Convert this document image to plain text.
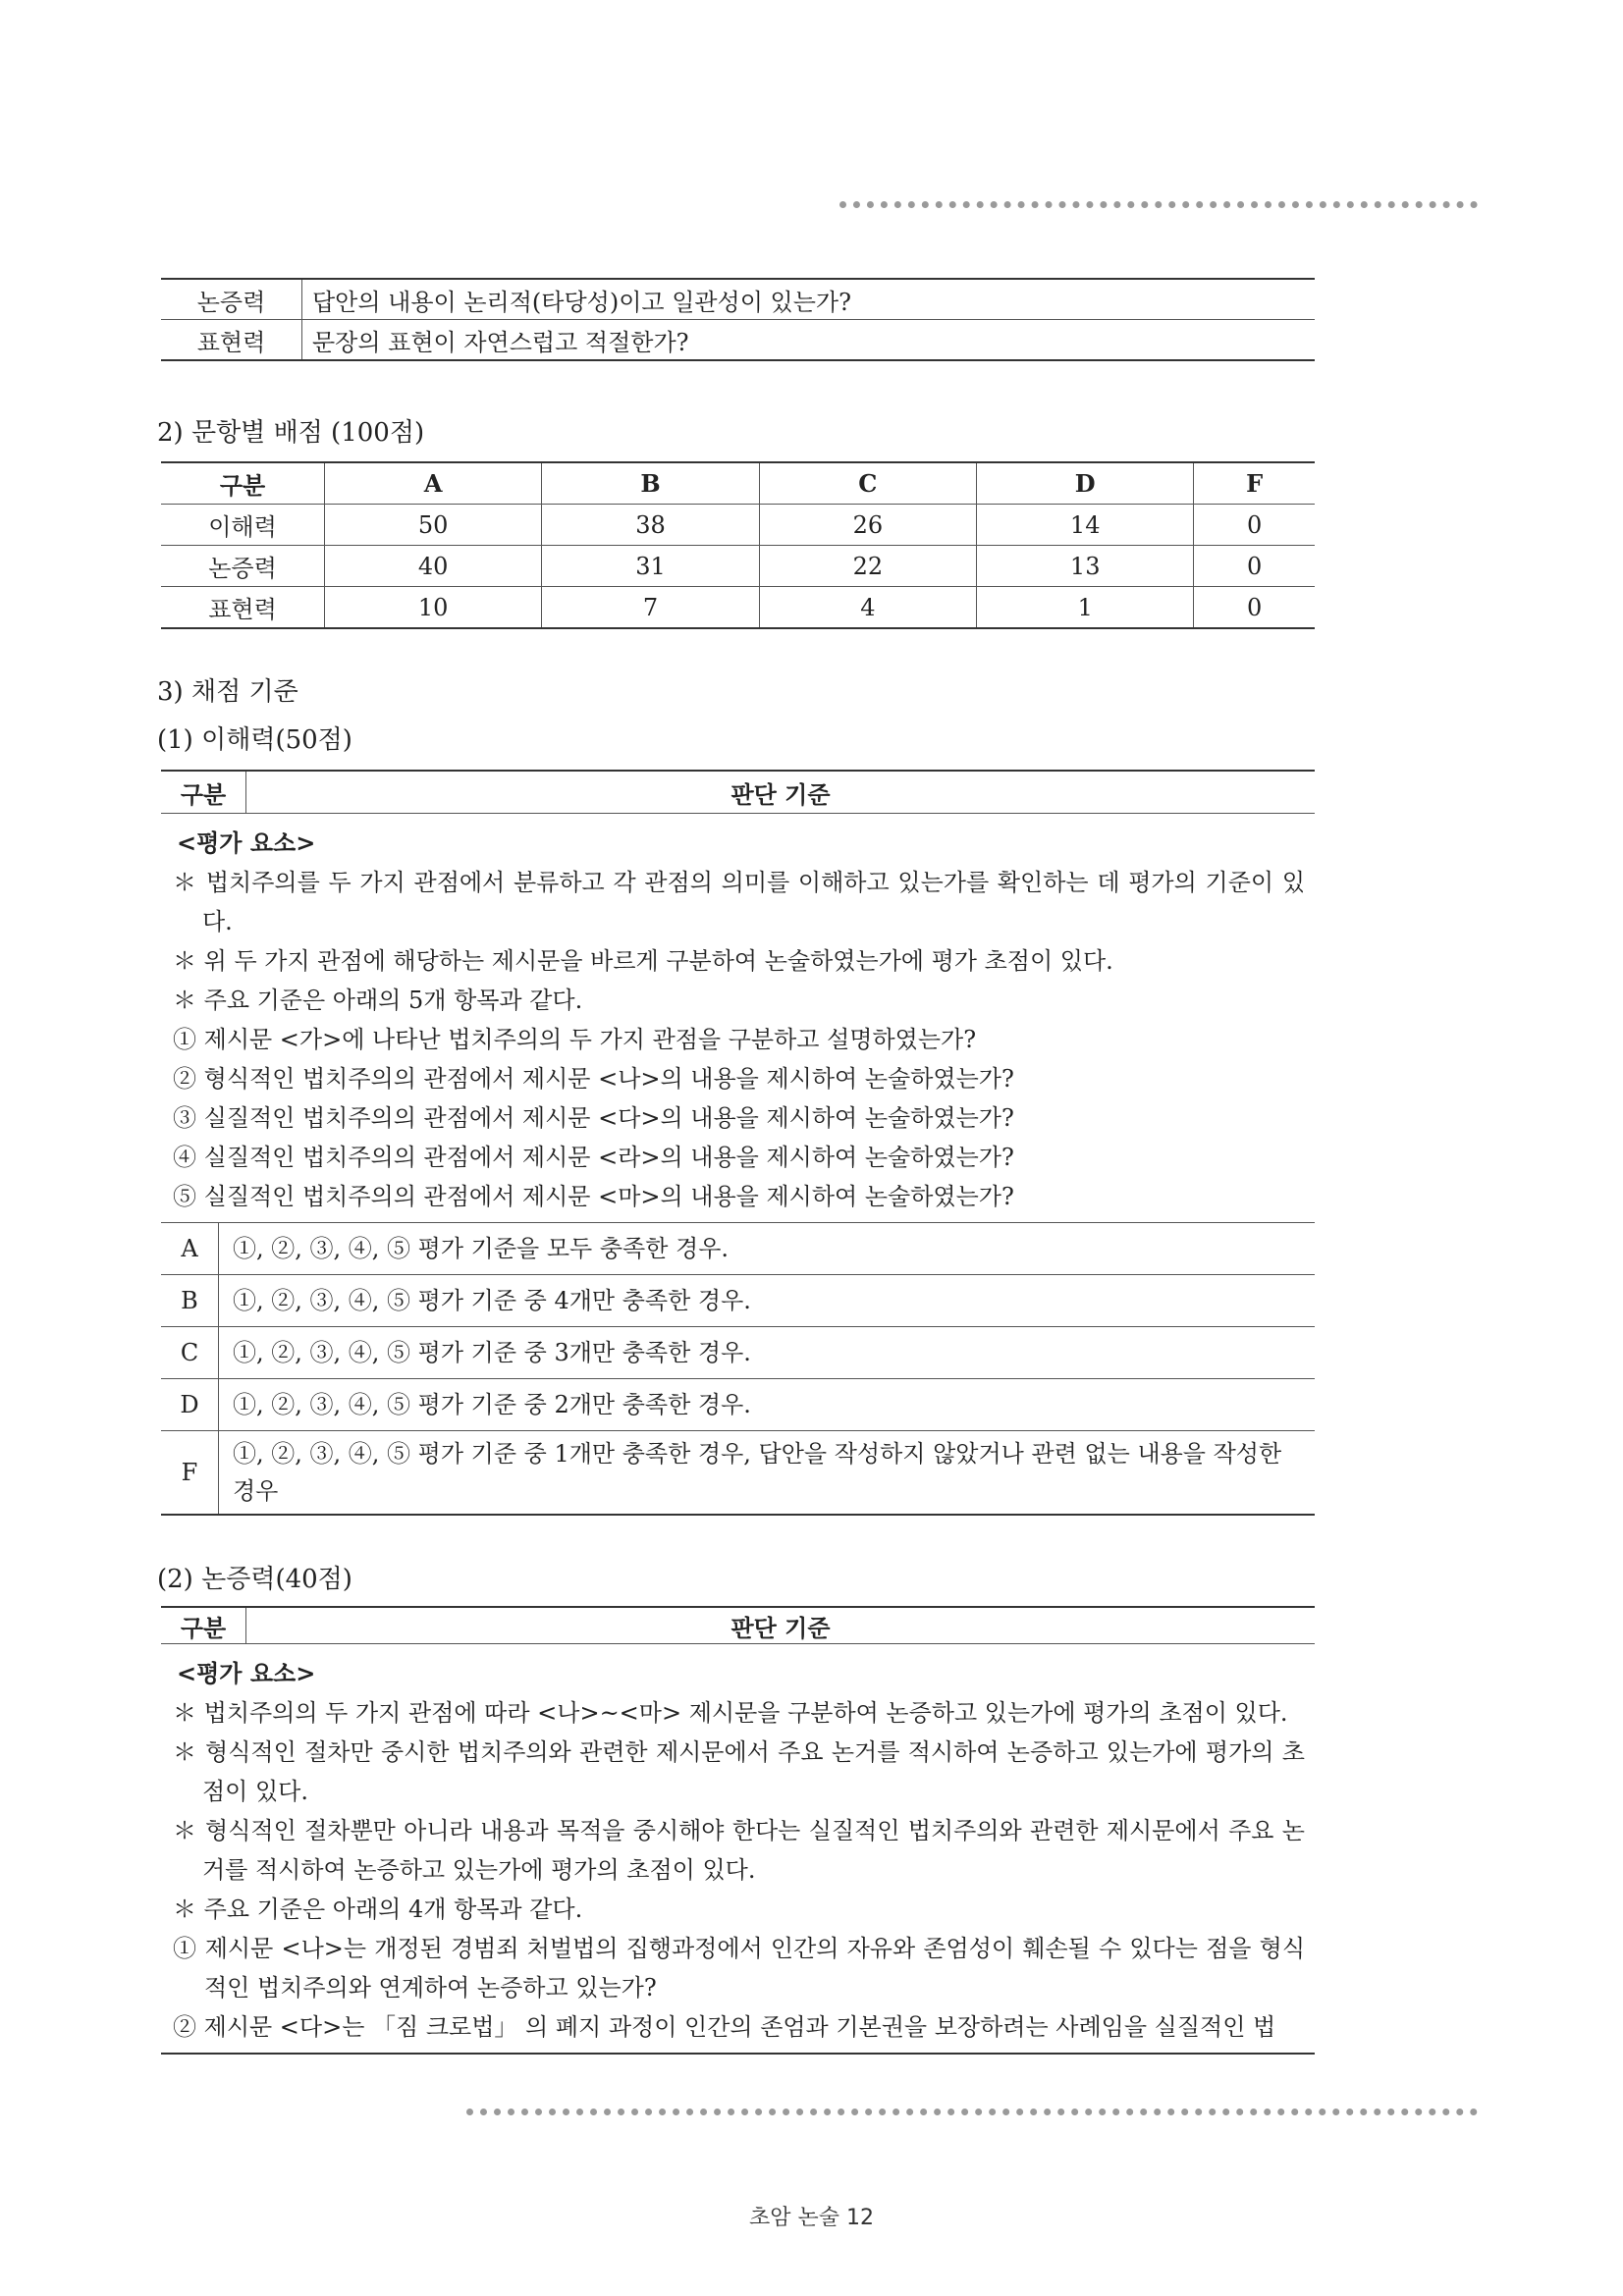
논증력	답안의 내용이 논리적(타당성)이고 일관성이 있는가?
표현력	문장의 표현이 자연스럽고 적절한가?
2) 문항별 배점 (100점)
구분	A	B	C	D	F
이해력	50	38	26	14	0
논증력	40	31	22	13	0
표현력	10	7	4	1	0
3) 채점 기준
(1) 이해력(50점)
구분	판단 기준
<평가 요소>
＊ 법치주의를 두 가지 관점에서 분류하고 각 관점의 의미를 이해하고 있는가를 확인하는 데 평가의 기준이 있다.
＊ 위 두 가지 관점에 해당하는 제시문을 바르게 구분하여 논술하였는가에 평가 초점이 있다.
＊ 주요 기준은 아래의 5개 항목과 같다.
① 제시문 <가>에 나타난 법치주의의 두 가지 관점을 구분하고 설명하였는가?
② 형식적인 법치주의의 관점에서 제시문 <나>의 내용을 제시하여 논술하였는가?
③ 실질적인 법치주의의 관점에서 제시문 <다>의 내용을 제시하여 논술하였는가?
④ 실질적인 법치주의의 관점에서 제시문 <라>의 내용을 제시하여 논술하였는가?
⑤ 실질적인 법치주의의 관점에서 제시문 <마>의 내용을 제시하여 논술하였는가?
A	①, ②, ③, ④, ⑤ 평가 기준을 모두 충족한 경우.
B	①, ②, ③, ④, ⑤ 평가 기준 중 4개만 충족한 경우.
C	①, ②, ③, ④, ⑤ 평가 기준 중 3개만 충족한 경우.
D	①, ②, ③, ④, ⑤ 평가 기준 중 2개만 충족한 경우.
F	①, ②, ③, ④, ⑤ 평가 기준 중 1개만 충족한 경우, 답안을 작성하지 않았거나 관련 없는 내용을 작성한 경우
(2) 논증력(40점)
구분	판단 기준
<평가 요소>
＊ 법치주의의 두 가지 관점에 따라 <나>~<마> 제시문을 구분하여 논증하고 있는가에 평가의 초점이 있다.
＊ 형식적인 절차만 중시한 법치주의와 관련한 제시문에서 주요 논거를 적시하여 논증하고 있는가에 평가의 초점이 있다.
＊ 형식적인 절차뿐만 아니라 내용과 목적을 중시해야 한다는 실질적인 법치주의와 관련한 제시문에서 주요 논거를 적시하여 논증하고 있는가에 평가의 초점이 있다.
＊ 주요 기준은 아래의 4개 항목과 같다.
① 제시문 <나>는 개정된 경범죄 처벌법의 집행과정에서 인간의 자유와 존엄성이 훼손될 수 있다는 점을 형식적인 법치주의와 연계하여 논증하고 있는가?
② 제시문 <다>는 「짐 크로법」 의 폐지 과정이 인간의 존엄과 기본권을 보장하려는 사례임을 실질적인 법
초암 논술 12
